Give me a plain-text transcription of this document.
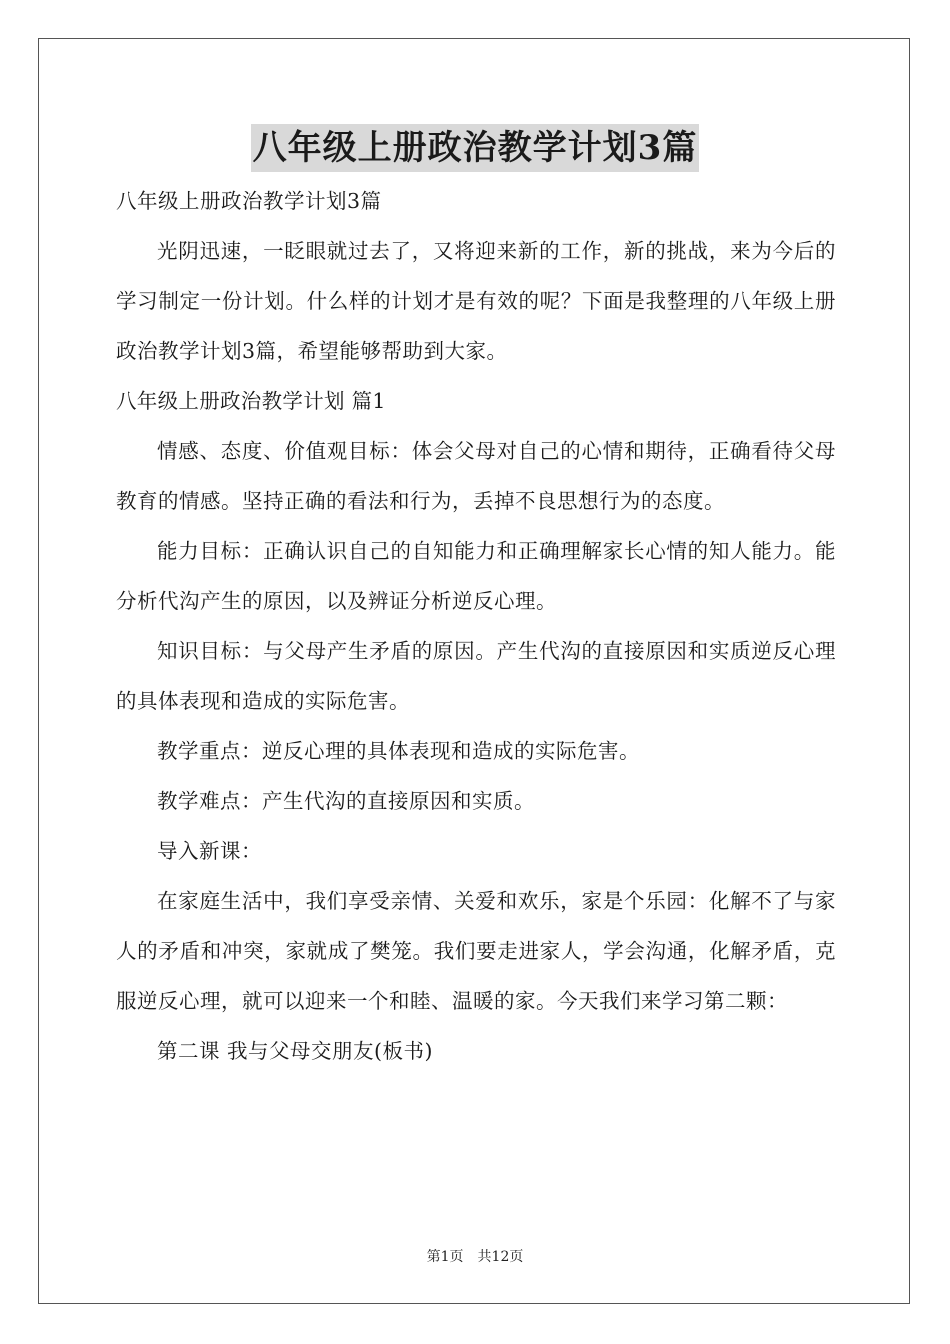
八年级上册政治教学计划3篇

八年级上册政治教学计划3篇

光阴迅速，一眨眼就过去了，又将迎来新的工作，新的挑战，来为今后的学习制定一份计划。什么样的计划才是有效的呢？下面是我整理的八年级上册政治教学计划3篇，希望能够帮助到大家。

八年级上册政治教学计划 篇1

情感、态度、价值观目标：体会父母对自己的心情和期待，正确看待父母教育的情感。坚持正确的看法和行为，丢掉不良思想行为的态度。

能力目标：正确认识自己的自知能力和正确理解家长心情的知人能力。能分析代沟产生的原因，以及辨证分析逆反心理。

知识目标：与父母产生矛盾的原因。产生代沟的直接原因和实质逆反心理的具体表现和造成的实际危害。

教学重点：逆反心理的具体表现和造成的实际危害。

教学难点：产生代沟的直接原因和实质。

导入新课：

在家庭生活中，我们享受亲情、关爱和欢乐，家是个乐园：化解不了与家人的矛盾和冲突，家就成了樊笼。我们要走进家人，学会沟通，化解矛盾，克服逆反心理，就可以迎来一个和睦、温暖的家。今天我们来学习第二颗：

第二课 我与父母交朋友(板书)

第1页 共12页
